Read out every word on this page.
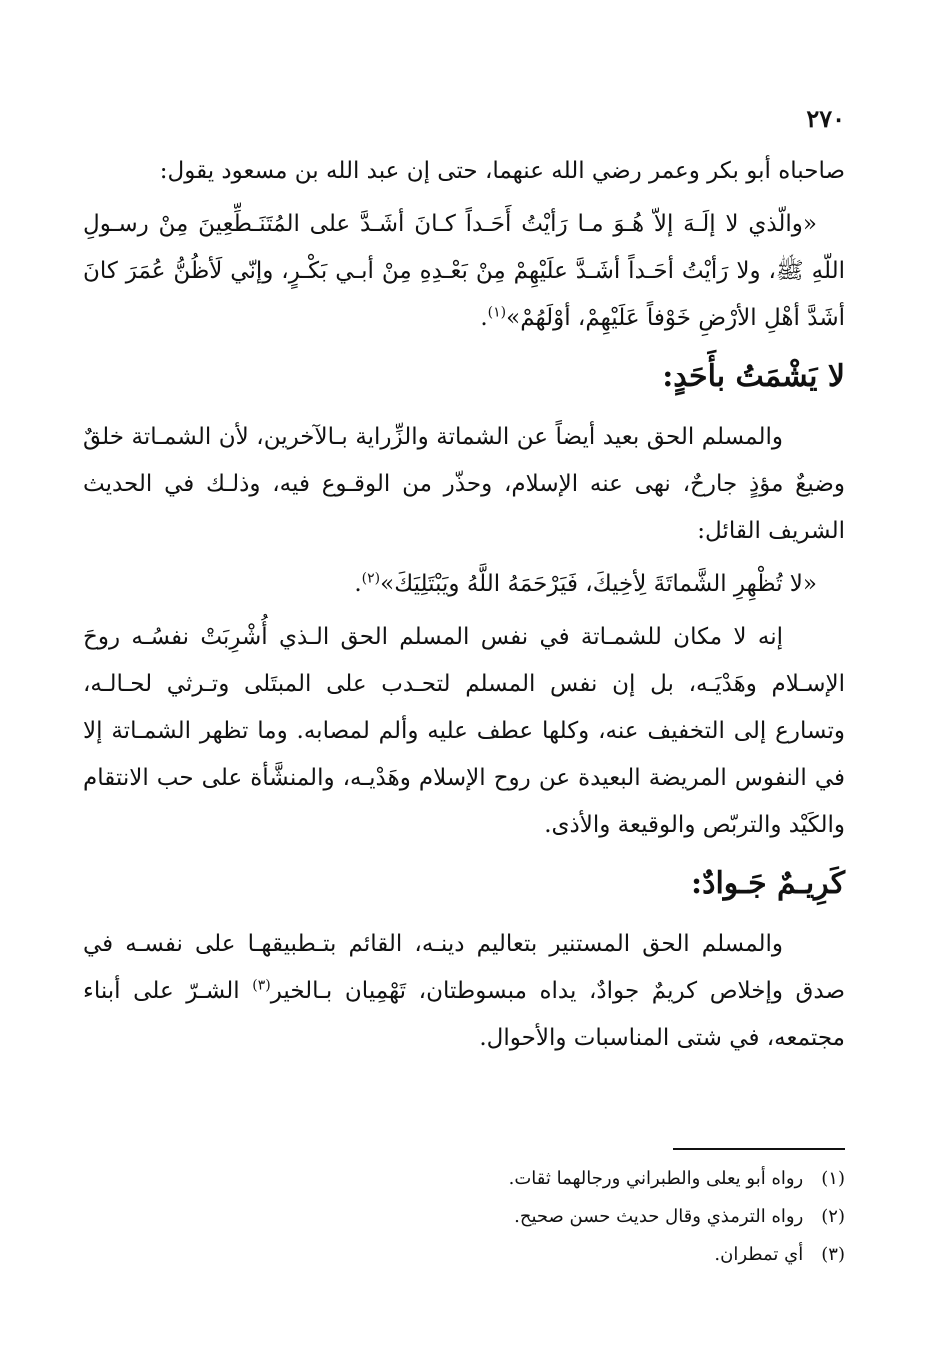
٢٧٠

صاحباه أبو بكر وعمر رضي الله عنهما، حتى إن عبد الله بن مسعود يقول:

«والّذي لا إلَـهَ إلاّ هُـوَ مـا رَأيْتُ أَحَـداً كـانَ أشَـدَّ على المُتَنَـطِّعِينَ مِنْ رسـولِ اللّهِ ﷺ، ولا رَأيْتُ أحَـداً أشَـدَّ علَيْهِمْ مِنْ بَعْـدِهِ مِنْ أبـي بَكْـرٍ، وإنّي لَأظُنُّ عُمَرَ كانَ أشَدَّ أهْلِ الأرْضِ خَوْفاً عَلَيْهِمْ، أوْلَهُمْ»$^{(١)}$.

لا يَشْمَتُ بأَحَدٍ:

والمسلم الحق بعيد أيضاً عن الشماتة والزِّراية بـالآخرين، لأن الشمـاتة خلقٌ وضيعٌ مؤذٍ جارحٌ، نهى عنه الإسلام، وحذّر من الوقـوع فيه، وذلـك في الحديث الشريف القائل:

«لا تُظْهِرِ الشَّماتَةَ لِأخِيكَ، فَيَرْحَمَهُ اللَّهُ ويَبْتَلِيَكَ»$^{(٢)}$.

إنه لا مكان للشمـاتة في نفس المسلم الحق الـذي أُشْرِبَتْ نفسُـه روحَ الإسـلام وهَدْيَـه، بل إن نفس المسلم لتحـدب على المبتَلى وتـرثي لحـالـه، وتسارع إلى التخفيف عنه، وكلها عطف عليه وألم لمصابه. وما تظهر الشمـاتة إلا في النفوس المريضة البعيدة عن روح الإسلام وهَدْيـه، والمنشَّأة على حب الانتقام والكَيْد والتربّص والوقيعة والأذى.

كَرِيـمٌ جَـوادٌ:

والمسلم الحق المستنير بتعاليم دينـه، القائم بتـطبيقهـا على نفسـه في صدق وإخلاص كريمٌ جوادٌ، يداه مبسوطتان، تَهْمِيان بـالخير$^{(٣)}$ الشـرّ على أبناء مجتمعه، في شتى المناسبات والأحوال.

(١) رواه أبو يعلى والطبراني ورجالهما ثقات.
(٢) رواه الترمذي وقال حديث حسن صحيح.
(٣) أي تمطران.
